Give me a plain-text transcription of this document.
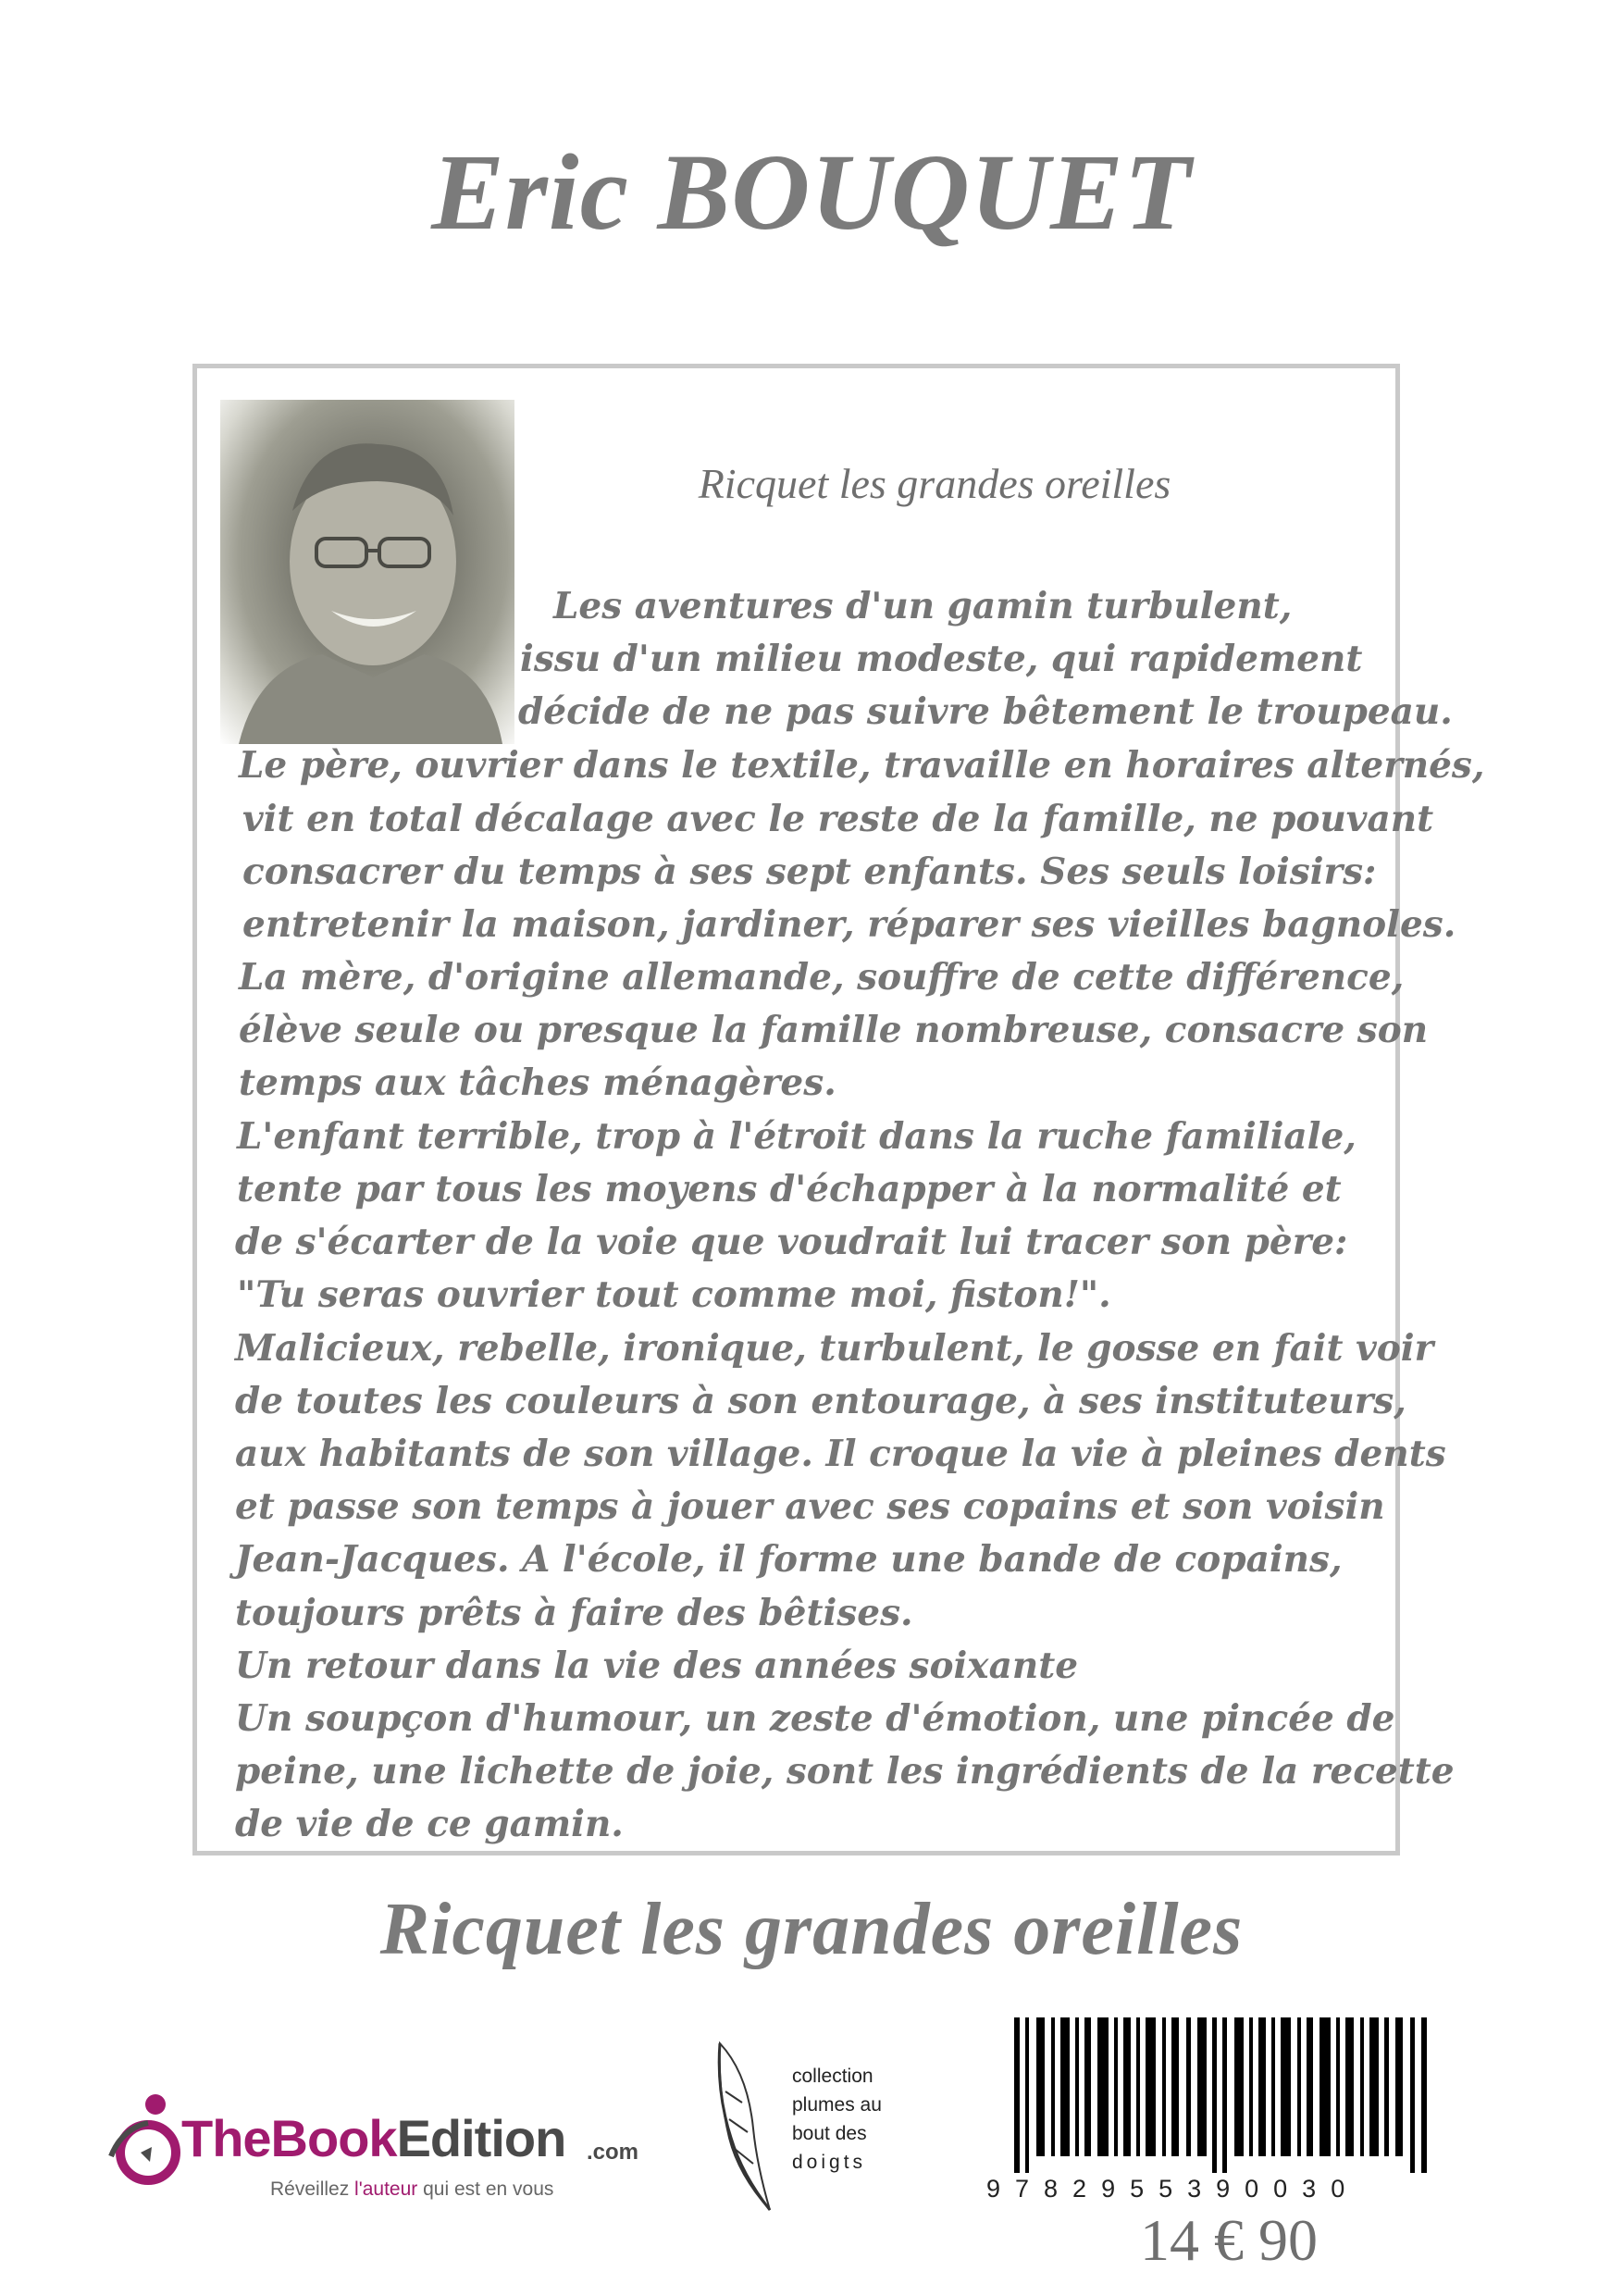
Eric BOUQUET
Ricquet les grandes oreilles
Les aventures d'un gamin turbulent,
issu d'un milieu modeste, qui rapidement
décide de ne pas suivre bêtement le troupeau.
Le père, ouvrier dans le textile, travaille en horaires alternés,
vit en total décalage avec le reste de la famille, ne pouvant
consacrer du temps à ses sept enfants. Ses seuls loisirs:
entretenir la maison, jardiner, réparer ses vieilles bagnoles.
La mère, d'origine allemande, souffre de cette différence,
élève seule ou presque la famille nombreuse, consacre son
temps aux tâches ménagères.
L'enfant terrible, trop à l'étroit dans la ruche familiale,
tente par tous les moyens d'échapper à la normalité et
de s'écarter de la voie que voudrait lui tracer son père:
"Tu seras ouvrier tout comme moi, fiston!".
Malicieux, rebelle, ironique, turbulent, le gosse en fait voir
de toutes les couleurs à son entourage, à ses instituteurs,
aux habitants de son village. Il croque la vie à pleines dents
et passe son temps à jouer avec ses copains et son voisin
Jean-Jacques. A l'école, il forme une bande de copains,
toujours prêts à faire des bêtises.
Un retour dans la vie des années soixante
Un soupçon d'humour, un zeste d'émotion, une pincée de
peine, une lichette de joie, sont les ingrédients de la recette
de vie de ce gamin.
Ricquet les grandes oreilles
TheBookEdition .com
Réveillez l'auteur qui est en vous
collection
plumes au
bout des
doigts
9782955390030
14 € 90
